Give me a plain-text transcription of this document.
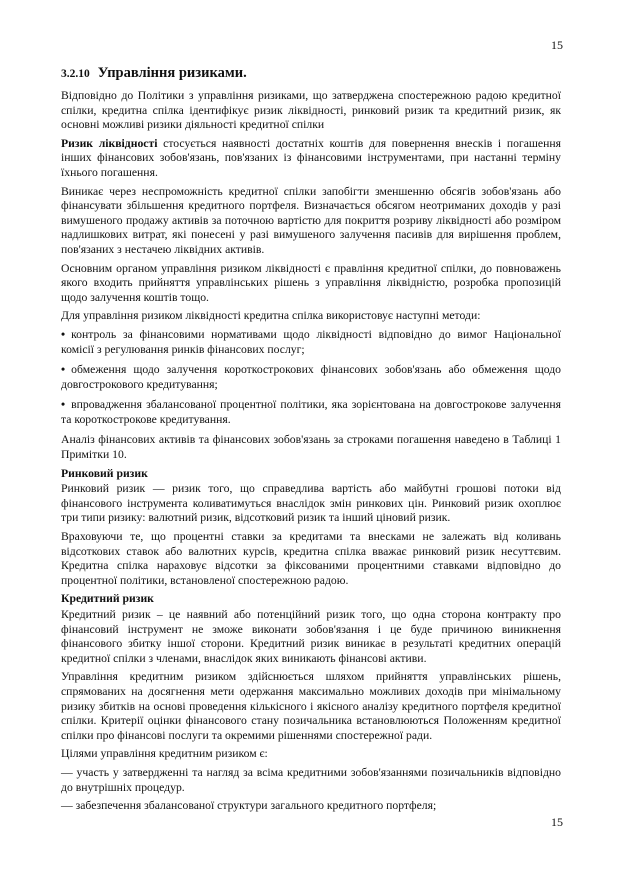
15
3.2.10 Управління ризиками.

Відповідно до Політики з управління ризиками, що затверджена спостережною радою кредитної спілки, кредитна спілка ідентифікує ризик ліквідності, ринковий ризик та кредитний ризик, як основні можливі ризики діяльності кредитної спілки

Ризик ліквідності стосується наявності достатніх коштів для повернення внесків і погашення інших фінансових зобов'язань, пов'язаних із фінансовими інструментами, при настанні терміну їхнього погашення.

Виникає через неспроможність кредитної спілки запобігти зменшенню обсягів зобов'язань або фінансувати збільшення кредитного портфеля. Визначається обсягом неотриманих доходів у разі вимушеного продажу активів за поточною вартістю для покриття розриву ліквідності або розміром надлишкових витрат, які понесені у разі вимушеного залучення пасивів для вирішення проблем, пов'язаних з нестачею ліквідних активів.

Основним органом управління ризиком ліквідності є правління кредитної спілки, до повноважень якого входить прийняття управлінських рішень з управління ліквідністю, розробка пропозицій щодо залучення коштів тощо.

Для управління ризиком ліквідності кредитна спілка використовує наступні методи:

• контроль за фінансовими нормативами щодо ліквідності відповідно до вимог Національної комісії з регулювання ринків фінансових послуг;

• обмеження щодо залучення короткострокових фінансових зобов'язань або обмеження щодо довгострокового кредитування;

• впровадження збалансованої процентної політики, яка зорієнтована на довгострокове залучення та короткострокове кредитування.

Аналіз фінансових активів та фінансових зобов'язань за строками погашення наведено в Таблиці 1 Примітки 10.

Ринковий ризик

Ринковий ризик — ризик того, що справедлива вартість або майбутні грошові потоки від фінансового інструмента коливатимуться внаслідок змін ринкових цін. Ринковий ризик охоплює три типи ризику: валютний ризик, відсотковий ризик та інший ціновий ризик.

Враховуючи те, що процентні ставки за кредитами та внесками не залежать від коливань відсоткових ставок або валютних курсів, кредитна спілка вважає ринковий ризик несуттєвим. Кредитна спілка нараховує відсотки за фіксованими процентними ставками відповідно до процентної політики, встановленої спостережною радою.

Кредитний ризик

Кредитний ризик – це наявний або потенційний ризик того, що одна сторона контракту про фінансовий інструмент не зможе виконати зобов'язання і це буде причиною виникнення фінансового збитку іншої сторони. Кредитний ризик виникає в результаті кредитних операцій кредитної спілки з членами, внаслідок яких виникають фінансові активи.

Управління кредитним ризиком здійснюється шляхом прийняття управлінських рішень, спрямованих на досягнення мети одержання максимально можливих доходів при мінімальному ризику збитків на основі проведення кількісного і якісного аналізу кредитного портфеля кредитної спілки. Критерії оцінки фінансового стану позичальника встановлюються Положенням кредитної спілки про фінансові послуги та окремими рішеннями спостережної ради.

Цілями управління кредитним ризиком є:

— участь у затвердженні та нагляд за всіма кредитними зобов'язаннями позичальників відповідно до внутрішніх процедур.

— забезпечення збалансованої структури загального кредитного портфеля;

15
